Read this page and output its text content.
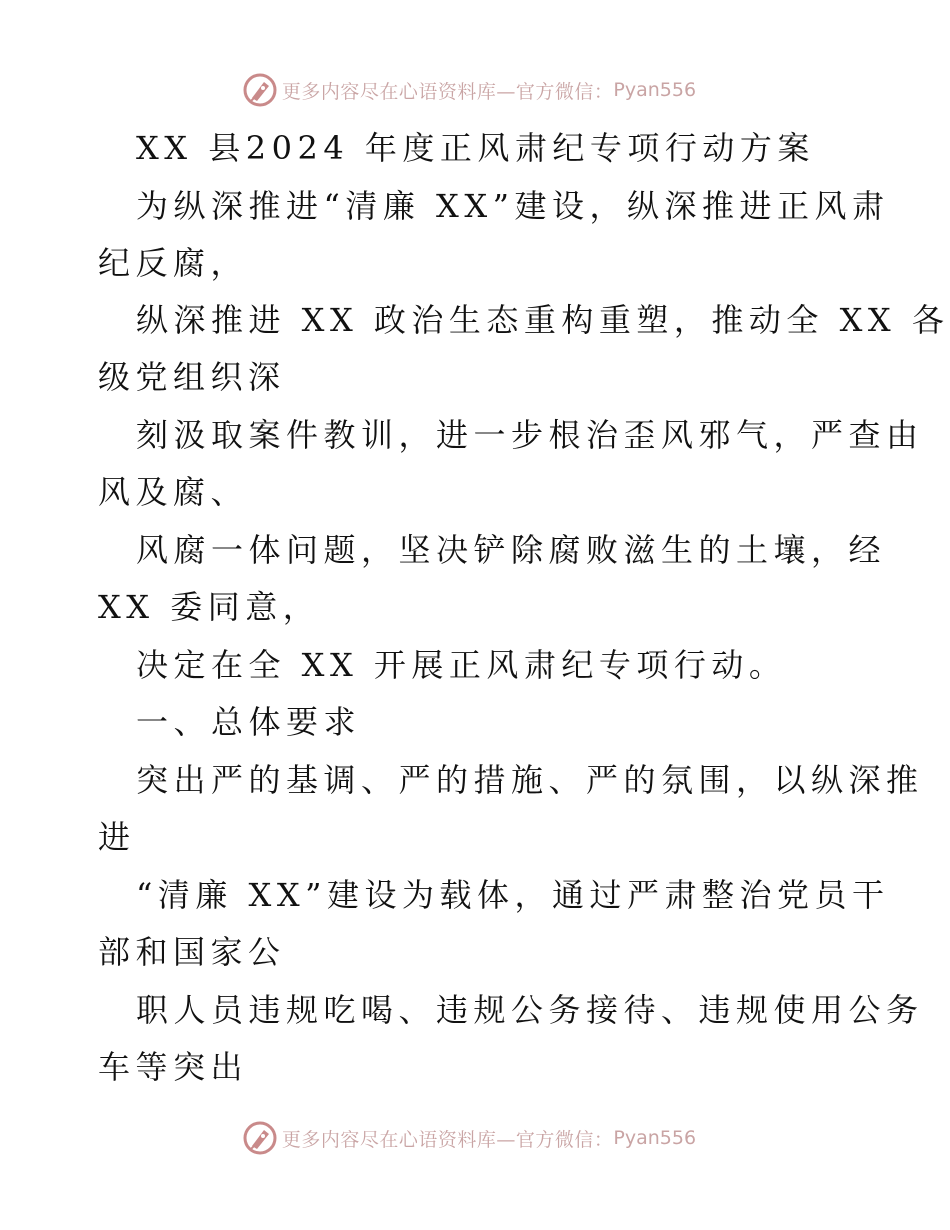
更多内容尽在心语资料库—官方微信： Pyan556
XX 县2024 年度正风肃纪专项行动方案
为纵深推进“清廉 XX”建设，纵深推进正风肃
纪反腐，
纵深推进 XX 政治生态重构重塑，推动全 XX 各
级党组织深
刻汲取案件教训，进一步根治歪风邪气，严查由
风及腐、
风腐一体问题，坚决铲除腐败滋生的土壤，经
XX 委同意，
决定在全 XX 开展正风肃纪专项行动。
一、总体要求
突出严的基调、严的措施、严的氛围，以纵深推
进
“清廉 XX”建设为载体，通过严肃整治党员干
部和国家公
职人员违规吃喝、违规公务接待、违规使用公务
车等突出
更多内容尽在心语资料库—官方微信： Pyan556
